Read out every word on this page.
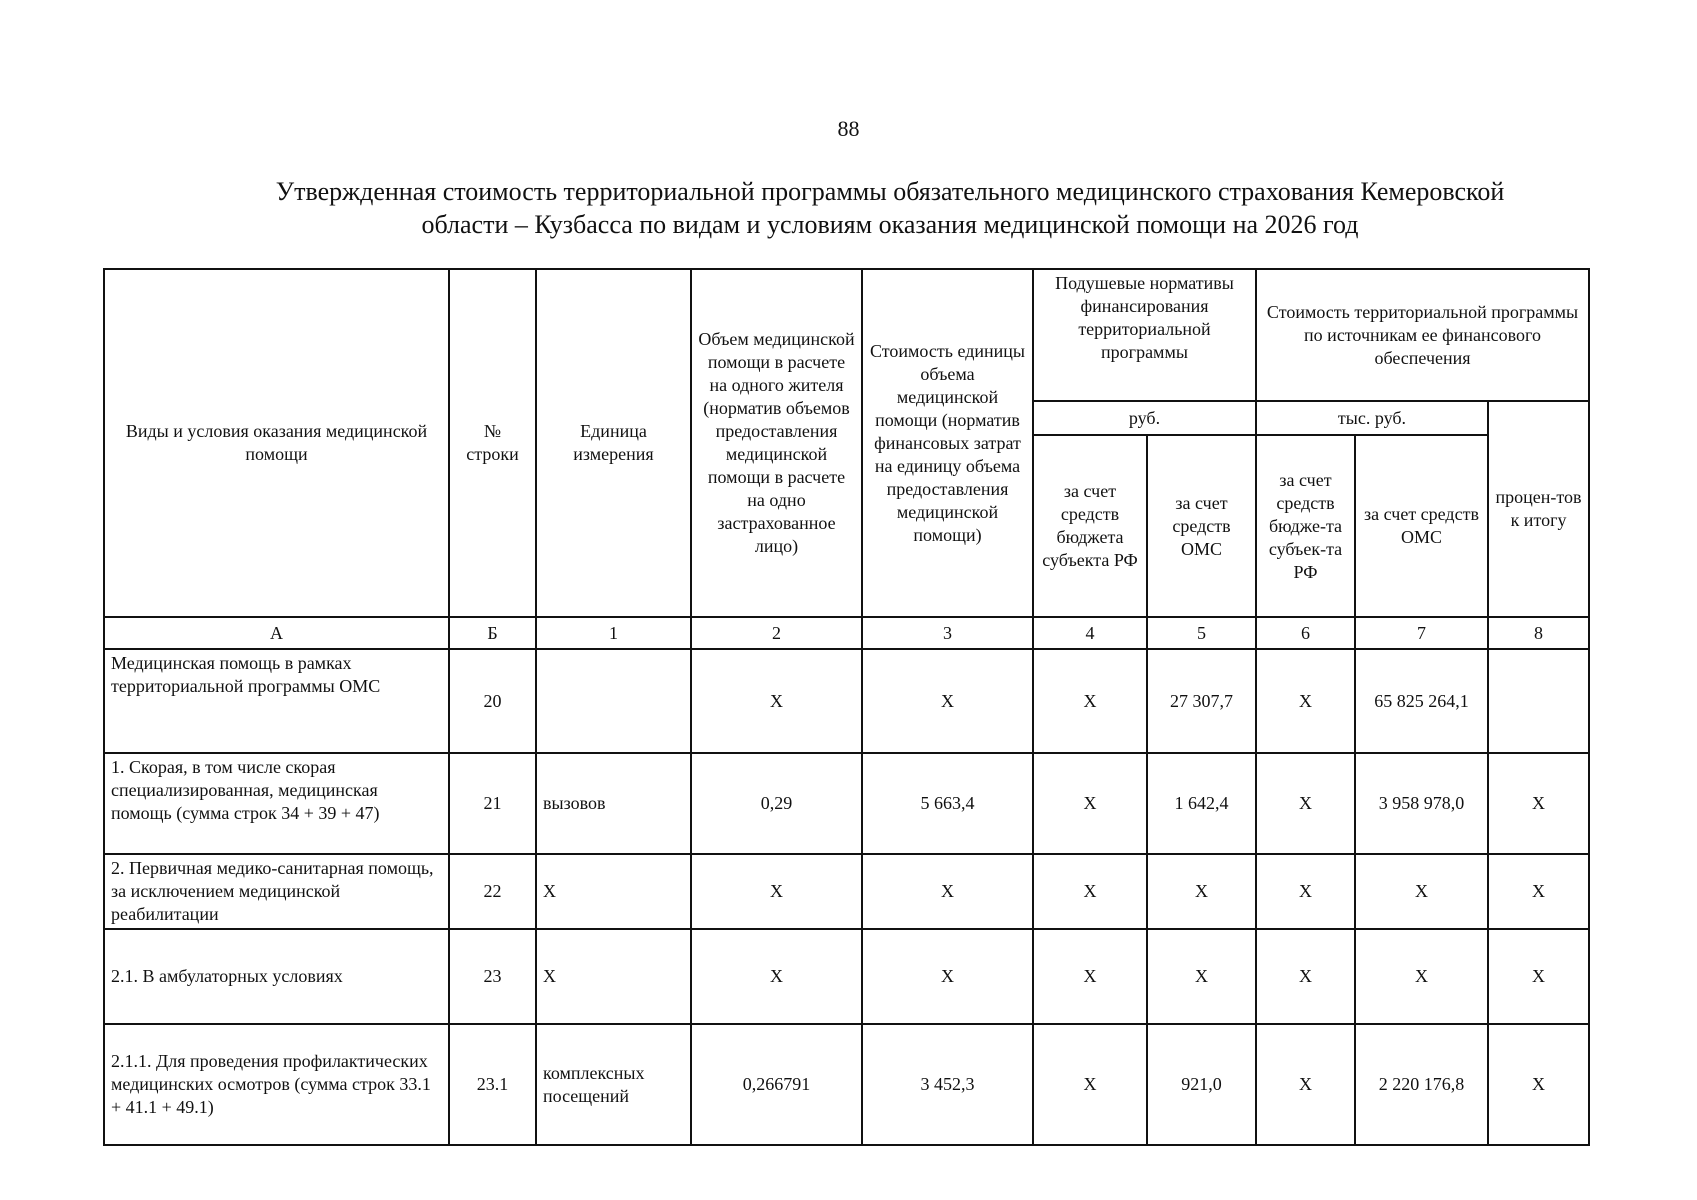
88
Утвержденная стоимость территориальной программы обязательного медицинского страхования Кемеровской
области – Кузбасса по видам и условиям оказания медицинской помощи на 2026 год
Виды и условия оказания медицинской помощи	№ строки	Единица измерения	Объем медицинской помощи в расчете на одного жителя (норматив объемов предоставления медицинской помощи в расчете на одно застрахованное лицо)	Стоимость единицы объема медицинской помощи (норматив финансовых затрат на единицу объема предоставления медицинской помощи)	Подушевые нормативы финансирования территориальной программы		Стоимость территориальной программы по источникам ее финансового обеспечения		
					руб.		тыс. руб.		процен-тов к итогу
					за счет средств бюджета субъекта РФ	за счет средств ОМС	за счет средств бюдже-та субъек-та РФ	за счет средств ОМС	
А	Б	1	2	3	4	5	6	7	8
Медицинская помощь в рамках территориальной программы ОМС	20		X	X	X	27 307,7	X	65 825 264,1	
1. Скорая, в том числе скорая специализированная, медицинская помощь (сумма строк 34 + 39 + 47)	21	вызовов	0,29	5 663,4	X	1 642,4	X	3 958 978,0	X
2. Первичная медико-санитарная помощь, за исключением медицинской реабилитации	22	X	X	X	X	X	X	X	X
2.1. В амбулаторных условиях	23	X	X	X	X	X	X	X	X
2.1.1. Для проведения профилактических медицинских осмотров (сумма строк 33.1 + 41.1 + 49.1)	23.1	комплексных посещений	0,266791	3 452,3	X	921,0	X	2 220 176,8	X
